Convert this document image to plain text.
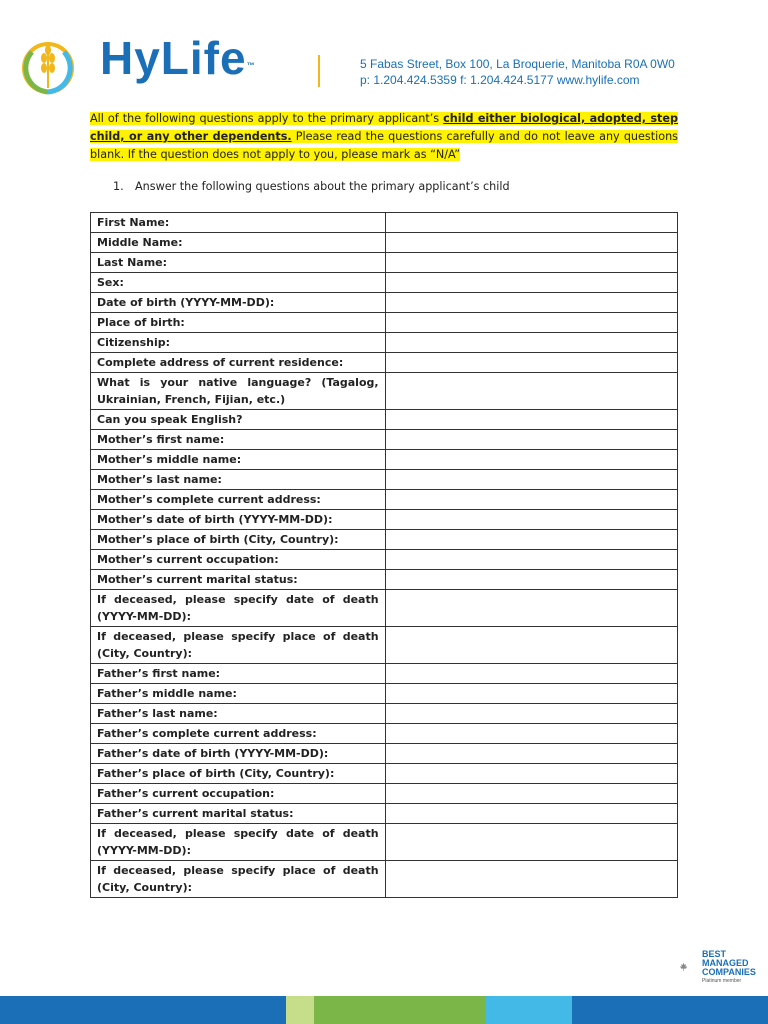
HyLife™	5 Fabas Street, Box 100, La Broquerie, Manitoba R0A 0W0
p: 1.204.424.5359 f: 1.204.424.5177 www.hylife.com
All of the following questions apply to the primary applicant’s child either biological, adopted, step child, or any other dependents. Please read the questions carefully and do not leave any questions blank. If the question does not apply to you, please mark as “N/A”
1. Answer the following questions about the primary applicant’s child
First Name:	
Middle Name:	
Last Name:	
Sex:	
Date of birth (YYYY-MM-DD):	
Place of birth:	
Citizenship:	
Complete address of current residence:	
What is your native language? (Tagalog, Ukrainian, French, Fijian, etc.)	
Can you speak English?	
Mother’s first name:	
Mother’s middle name:	
Mother’s last name:	
Mother’s complete current address:	
Mother’s date of birth (YYYY-MM-DD):	
Mother’s place of birth (City, Country):	
Mother’s current occupation:	
Mother’s current marital status:	
If deceased, please specify date of death (YYYY-MM-DD):	
If deceased, please specify place of death (City, Country):	
Father’s first name:	
Father’s middle name:	
Father’s last name:	
Father’s complete current address:	
Father’s date of birth (YYYY-MM-DD):	
Father’s place of birth (City, Country):	
Father’s current occupation:	
Father’s current marital status:	
If deceased, please specify date of death (YYYY-MM-DD):	
If deceased, please specify place of death (City, Country):	
BEST
MANAGED
COMPANIES
Platinum member
